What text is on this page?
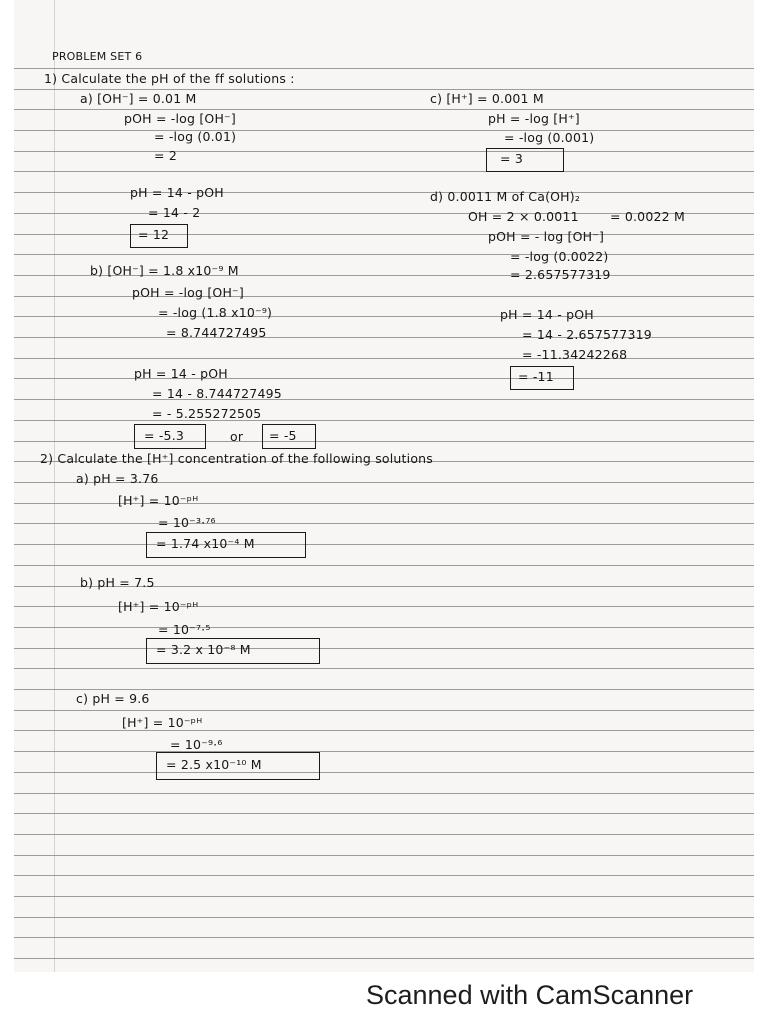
PROBLEM SET 6
1) Calculate the pH of the ff solutions :
a) [OH⁻] = 0.01 M
pOH = -log [OH⁻]
= -log (0.01)
= 2
pH = 14 - pOH
= 14 - 2
= 12
b) [OH⁻] = 1.8 x10⁻⁹ M
pOH = -log [OH⁻]
= -log (1.8 x10⁻⁹)
= 8.744727495
pH = 14 - pOH
= 14 - 8.744727495
= - 5.255272505
= -5.3	or = -5
c) [H⁺] = 0.001 M
pH = -log [H⁺]
= -log (0.001)
= 3
d) 0.0011 M of Ca(OH)₂
OH = 2 × 0.0011 = 0.0022 M
pOH = - log [OH⁻]
= -log (0.0022)
= 2.657577319
pH = 14 - pOH
= 14 - 2.657577319
= -11.34242268
= -11
2) Calculate the [H⁺] concentration of the following solutions
a) pH = 3.76
[H⁺] = 10⁻ᵖᴴ
= 10⁻³·⁷⁶
= 1.74 x10⁻⁴ M
b) pH = 7.5
[H⁺] = 10⁻ᵖᴴ
= 10⁻⁷·⁵
= 3.2 x 10⁻⁸ M
c) pH = 9.6
[H⁺] = 10⁻ᵖᴴ
= 10⁻⁹·⁶
= 2.5 x10⁻¹⁰ M
Scanned with CamScanner
